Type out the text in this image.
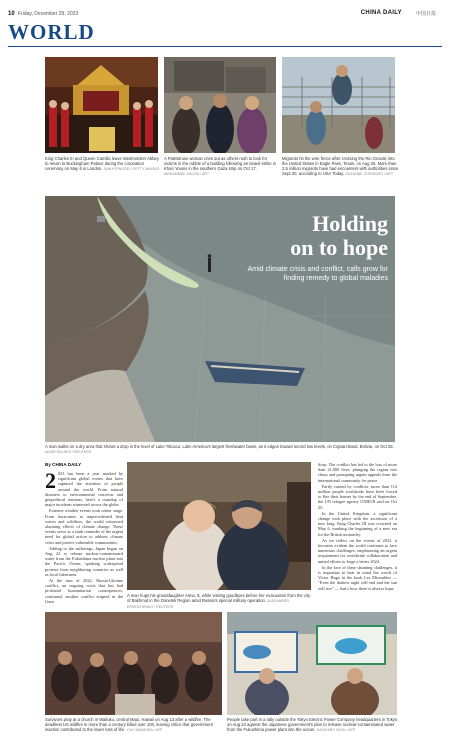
10 Friday, December 29, 2023	CHINA DAILY	中国日报
WORLD
King Charles III and Queen Camilla leave Westminster Abbey to return to Buckingham Palace during the coronation ceremony on May 6 in London. DAN KITWOOD / GETTY IMAGES
A Palestinian woman cries out as others rush to look for victims in the rubble of a building following an Israeli strike in Khan Younis in the southern Gaza strip on Oct 17. MOHAMMED SALEM / AFP
Migrants hit the wire fence after crossing the Rio Grande into the United States in Eagle Pass, Texas, on Aug 25. More than 2.5 million migrants have had encounters with authorities since Sept 30, according to USA Today. SUZANNE CORDEIRO / AFP
Holding
on to hope
Amid climate crisis and conflict, calls grow for finding remedy to global maladies
A man walks on a dry area that shows a drop in the level of Lake Titicaca, Latin America's largest freshwater basin, as it edges toward record low levels, on Cojata Island, Bolivia, on Oct 25. AIZAR RALDES / REUTERS
By CHINA DAILY
2 023 has been a year marked by significant global events that have captured the attention of people around the world. From natural disasters to environmental concerns and geopolitical tensions, here's a roundup of major incidents witnessed across the globe.

Extreme weather events took center stage. From hurricanes to unprecedented heat waves and wildfires, the world witnessed alarming effects of climate change. These events serve as a stark reminder of the urgent need for global action to address climate crisis and protect vulnerable communities.

Adding to the sufferings, Japan began on Aug 24 to release nuclear-contaminated water from the Fukushima nuclear plant into the Pacific Ocean, sparking widespread protests from neighboring countries as well as local fishermen.

At the turn of 2022, Russia-Ukraine conflict, an ongoing crisis that has had profound humanitarian consequences, continued, another conflict erupted in the Gaza

A man hugs his granddaughter Arina, 8, while visiting goodbyes before her evacuation from the city of Bakhmut in the Donetsk Region amid Russia's special military operation. ALEXANDER ERMOCHENKO / REUTERS

Strip. The conflict has led to the loss of more than 21,000 lives, plunging the region into chaos and prompting urgent appeals from the international community for peace.

Partly caused by conflicts, more than 114 million people worldwide have been forced to flee their homes by the end of September, the UN refugee agency UNHCR said on Oct 25.

In the United Kingdom, a significant change took place with the ascension of a new king. King Charles III was crowned on May 6, marking the beginning of a new era for the British monarchy.

As we reflect on the events of 2023, it becomes evident the world continues to face numerous challenges, emphasizing an urgent requirement for worldwide collaboration and united efforts to forge a better 2024.

In the face of these daunting challenges, it is important to bear in mind the words of Victor Hugo in the book Les Miserables — "Even the darkest night will end and the sun will rise" — that's how there is always hope.

Survivors pray at a church in Wailuku, central Maui, Hawaii on Aug 13 after a wildfire. The deadliest US wildfire in more than a century killed over 100, leaving critics that government inaction contributed to the lower loss of life. YUKI IWAMURA / AFP
People take part in a rally outside the Tokyo Electric Power Company headquarters in Tokyo on Aug 24 against the Japanese government's plan to release nuclear-contaminated water from the Fukushima power plant into the ocean. KAZUHIRO NOGI / AFP
